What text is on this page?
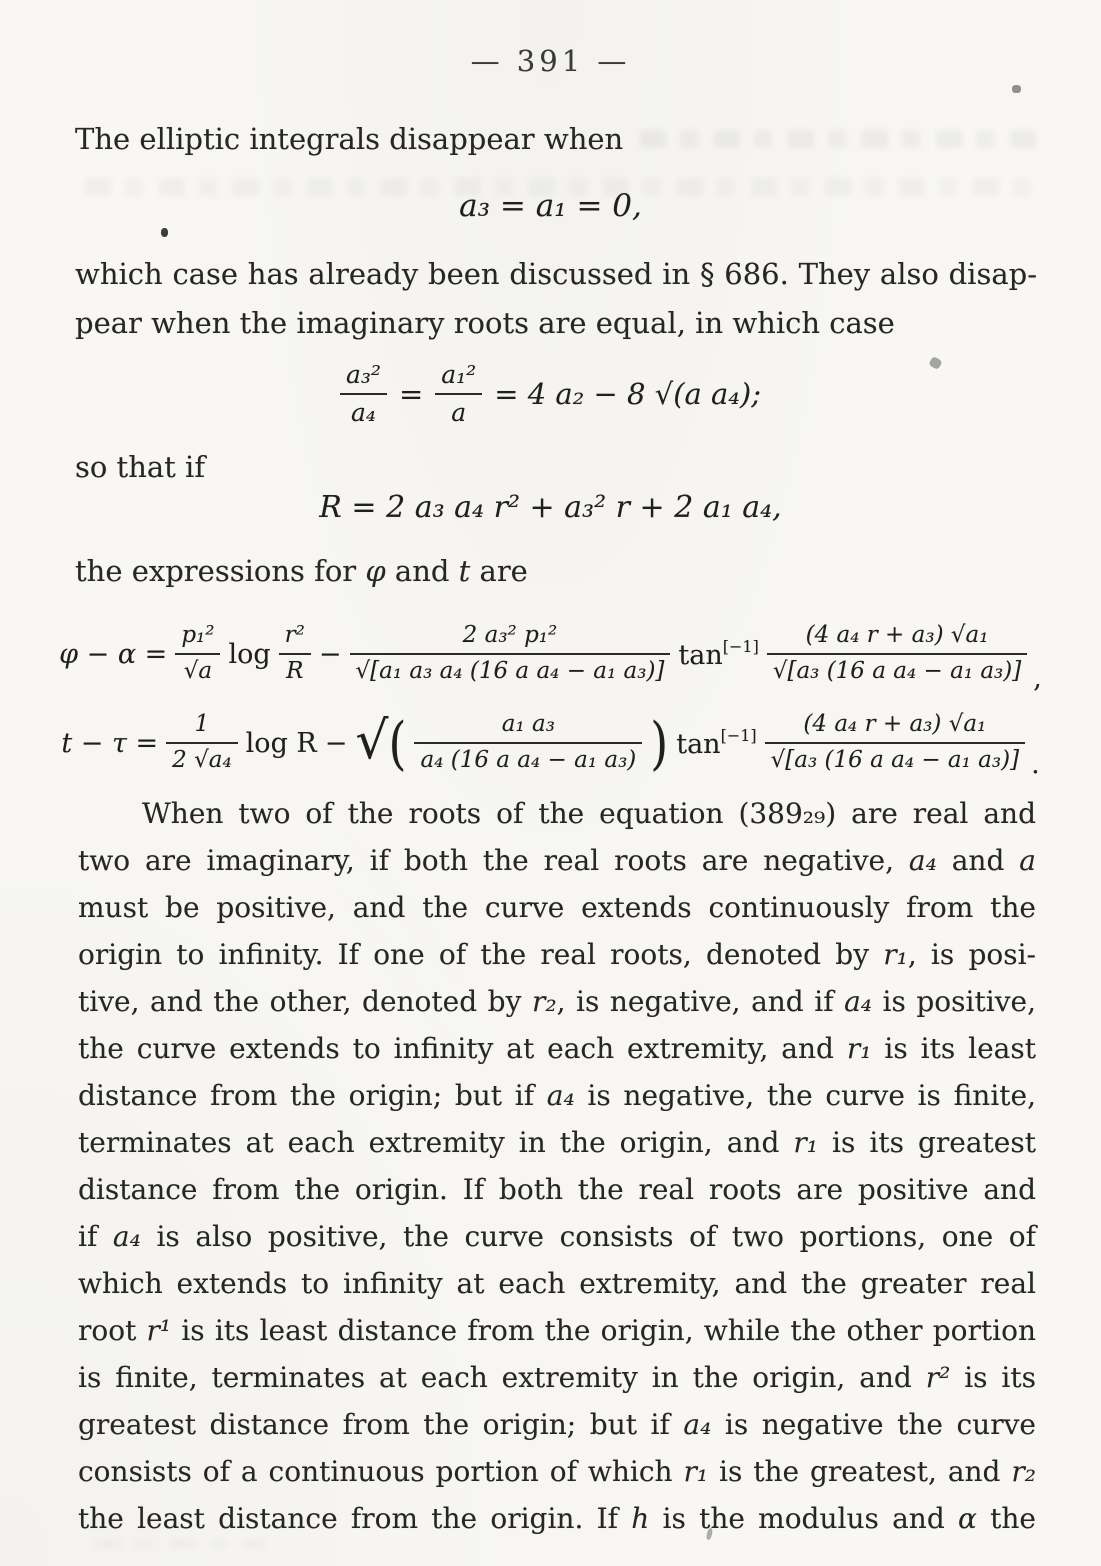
— 391 —
The elliptic integrals disappear when
a₃ = a₁ = 0,
which case has already been discussed in § 686. They also disap-
pear when the imaginary roots are equal, in which case
$\frac{\text{a₃²}}{\text{a₄}} = \frac{\text{a₁²}}{a} = 4$ a₂ − 8 √(a a₄);
so that if
R = 2 a₃ a₄ r² + a₃² r + 2 a₁ a₄,
the expressions for φ and t are
$\varphi - \alpha = \frac{\text{p₁²}}{√a}$ $\log \frac{\text{r²}}{R} - \frac{\text{2 a₃² p₁²}}{\text{√[a₁ a₃ a₄ (16 a a₄ − a₁ a₃)]}} \tan[-1] \frac{\text{(4 a₄ r + a₃) √a₁}}{\text{√[a₃ (16 a a₄ − a₁ a₃)]}}$ ,
$t - \tau = \frac{1}{\text{2 √a₄}}$ log R − √ ( $\frac{\text{a₁ a₃}}{\text{a₄ (16 a a₄ − a₁ a₃)}}$ ) $\tan[-1] \frac{\text{(4 a₄ r + a₃) √a₁}}{\text{√[a₃ (16 a a₄ − a₁ a₃)]}}$ .
When two of the roots of the equation (389₂₉) are real and
two are imaginary, if both the real roots are negative, a₄ and a
must be positive, and the curve extends continuously from the
origin to infinity. If one of the real roots, denoted by r₁, is posi-
tive, and the other, denoted by r₂, is negative, and if a₄ is positive,
the curve extends to infinity at each extremity, and r₁ is its least
distance from the origin; but if a₄ is negative, the curve is finite,
terminates at each extremity in the origin, and r₁ is its greatest
distance from the origin. If both the real roots are positive and
if a₄ is also positive, the curve consists of two portions, one of
which extends to infinity at each extremity, and the greater real
root r¹ is its least distance from the origin, while the other portion
is finite, terminates at each extremity in the origin, and r² is its
greatest distance from the origin; but if a₄ is negative the curve
consists of a continuous portion of which r₁ is the greatest, and r₂
the least distance from the origin. If h is the modulus and α the
